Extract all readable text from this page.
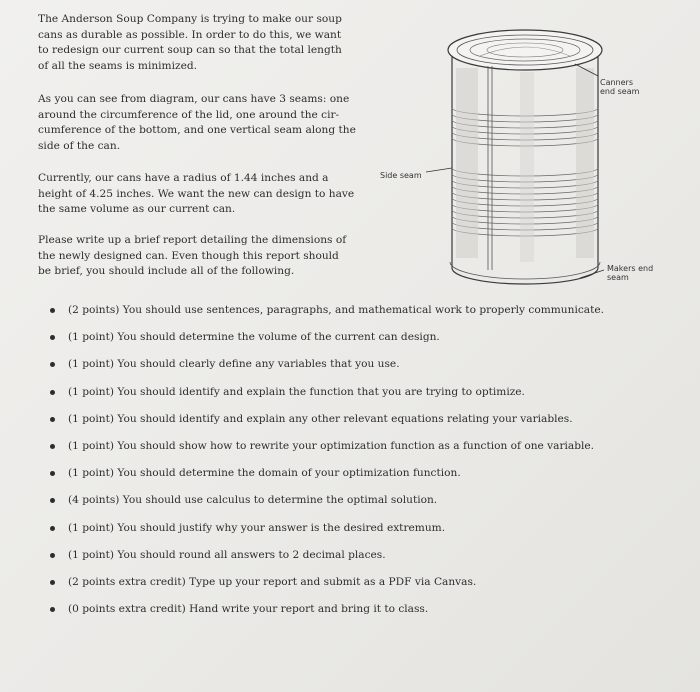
The Anderson Soup Company is trying to make our soup
cans as durable as possible. In order to do this, we want
to redesign our current soup can so that the total length
of all the seams is minimized.

As you can see from diagram, our cans have 3 seams: one
around the circumference of the lid, one around the cir-
cumference of the bottom, and one vertical seam along the
side of the can.

Currently, our cans have a radius of 1.44 inches and a
height of 4.25 inches. We want the new can design to have
the same volume as our current can.

Please write up a brief report detailing the dimensions of
the newly designed can. Even though this report should
be brief, you should include all of the following.

Canners
end seam
Side seam
Makers end
seam
(2 points) You should use sentences, paragraphs, and mathematical work to properly communicate.
(1 point) You should determine the volume of the current can design.
(1 point) You should clearly define any variables that you use.
(1 point) You should identify and explain the function that you are trying to optimize.
(1 point) You should identify and explain any other relevant equations relating your variables.
(1 point) You should show how to rewrite your optimization function as a function of one variable.
(1 point) You should determine the domain of your optimization function.
(4 points) You should use calculus to determine the optimal solution.
(1 point) You should justify why your answer is the desired extremum.
(1 point) You should round all answers to 2 decimal places.
(2 points extra credit) Type up your report and submit as a PDF via Canvas.
(0 points extra credit) Hand write your report and bring it to class.
